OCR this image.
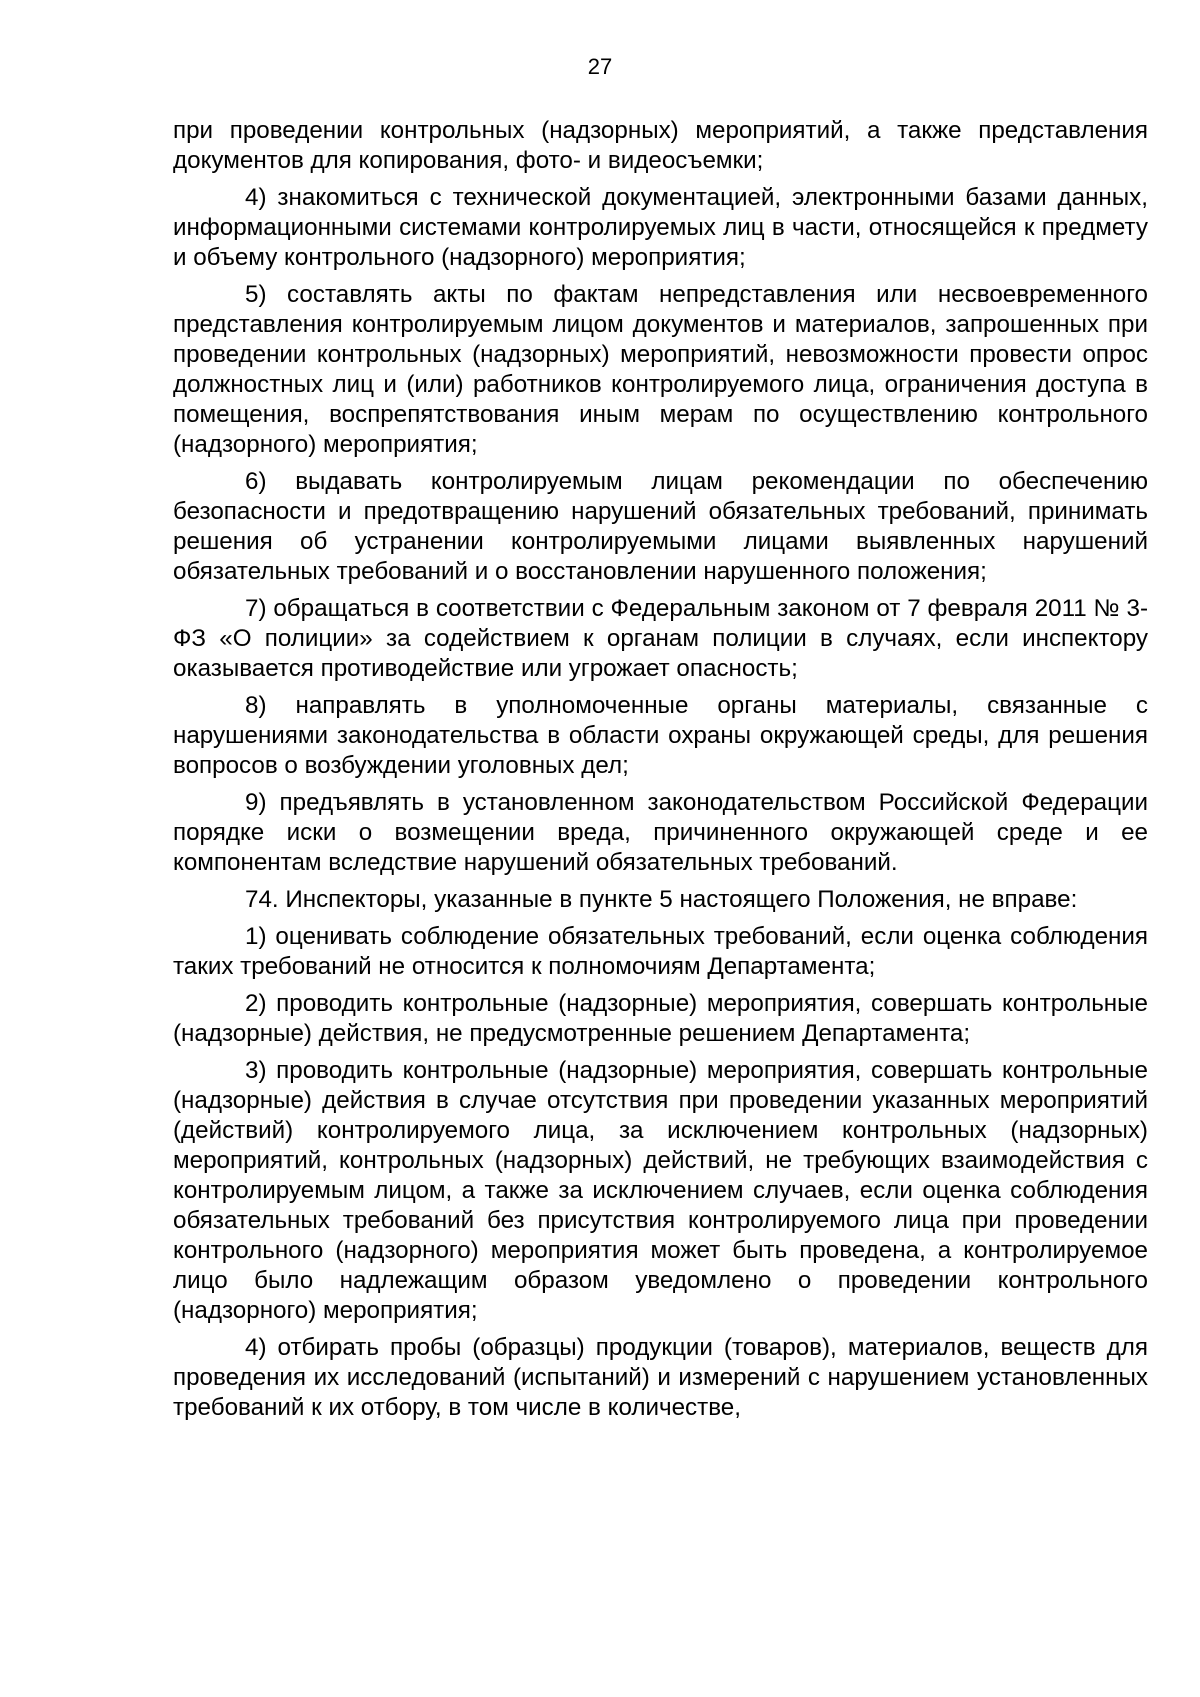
27

при проведении контрольных (надзорных) мероприятий, а также представления документов для копирования, фото- и видеосъемки;

4) знакомиться с технической документацией, электронными базами данных, информационными системами контролируемых лиц в части, относящейся к предмету и объему контрольного (надзорного) мероприятия;

5) составлять акты по фактам непредставления или несвоевременного представления контролируемым лицом документов и материалов, запрошенных при проведении контрольных (надзорных) мероприятий, невозможности провести опрос должностных лиц и (или) работников контролируемого лица, ограничения доступа в помещения, воспрепятствования иным мерам по осуществлению контрольного (надзорного) мероприятия;

6) выдавать контролируемым лицам рекомендации по обеспечению безопасности и предотвращению нарушений обязательных требований, принимать решения об устранении контролируемыми лицами выявленных нарушений обязательных требований и о восстановлении нарушенного положения;

7) обращаться в соответствии с Федеральным законом от 7 февраля 2011 № 3-ФЗ «О полиции» за содействием к органам полиции в случаях, если инспектору оказывается противодействие или угрожает опасность;

8) направлять в уполномоченные органы материалы, связанные с нарушениями законодательства в области охраны окружающей среды, для решения вопросов о возбуждении уголовных дел;

9) предъявлять в установленном законодательством Российской Федерации порядке иски о возмещении вреда, причиненного окружающей среде и ее компонентам вследствие нарушений обязательных требований.

74. Инспекторы, указанные в пункте 5 настоящего Положения, не вправе:

1) оценивать соблюдение обязательных требований, если оценка соблюдения таких требований не относится к полномочиям Департамента;

2) проводить контрольные (надзорные) мероприятия, совершать контрольные (надзорные) действия, не предусмотренные решением Департамента;

3) проводить контрольные (надзорные) мероприятия, совершать контрольные (надзорные) действия в случае отсутствия при проведении указанных мероприятий (действий) контролируемого лица, за исключением контрольных (надзорных) мероприятий, контрольных (надзорных) действий, не требующих взаимодействия с контролируемым лицом, а также за исключением случаев, если оценка соблюдения обязательных требований без присутствия контролируемого лица при проведении контрольного (надзорного) мероприятия может быть проведена, а контролируемое лицо было надлежащим образом уведомлено о проведении контрольного (надзорного) мероприятия;

4) отбирать пробы (образцы) продукции (товаров), материалов, веществ для проведения их исследований (испытаний) и измерений с нарушением установленных требований к их отбору, в том числе в количестве,
